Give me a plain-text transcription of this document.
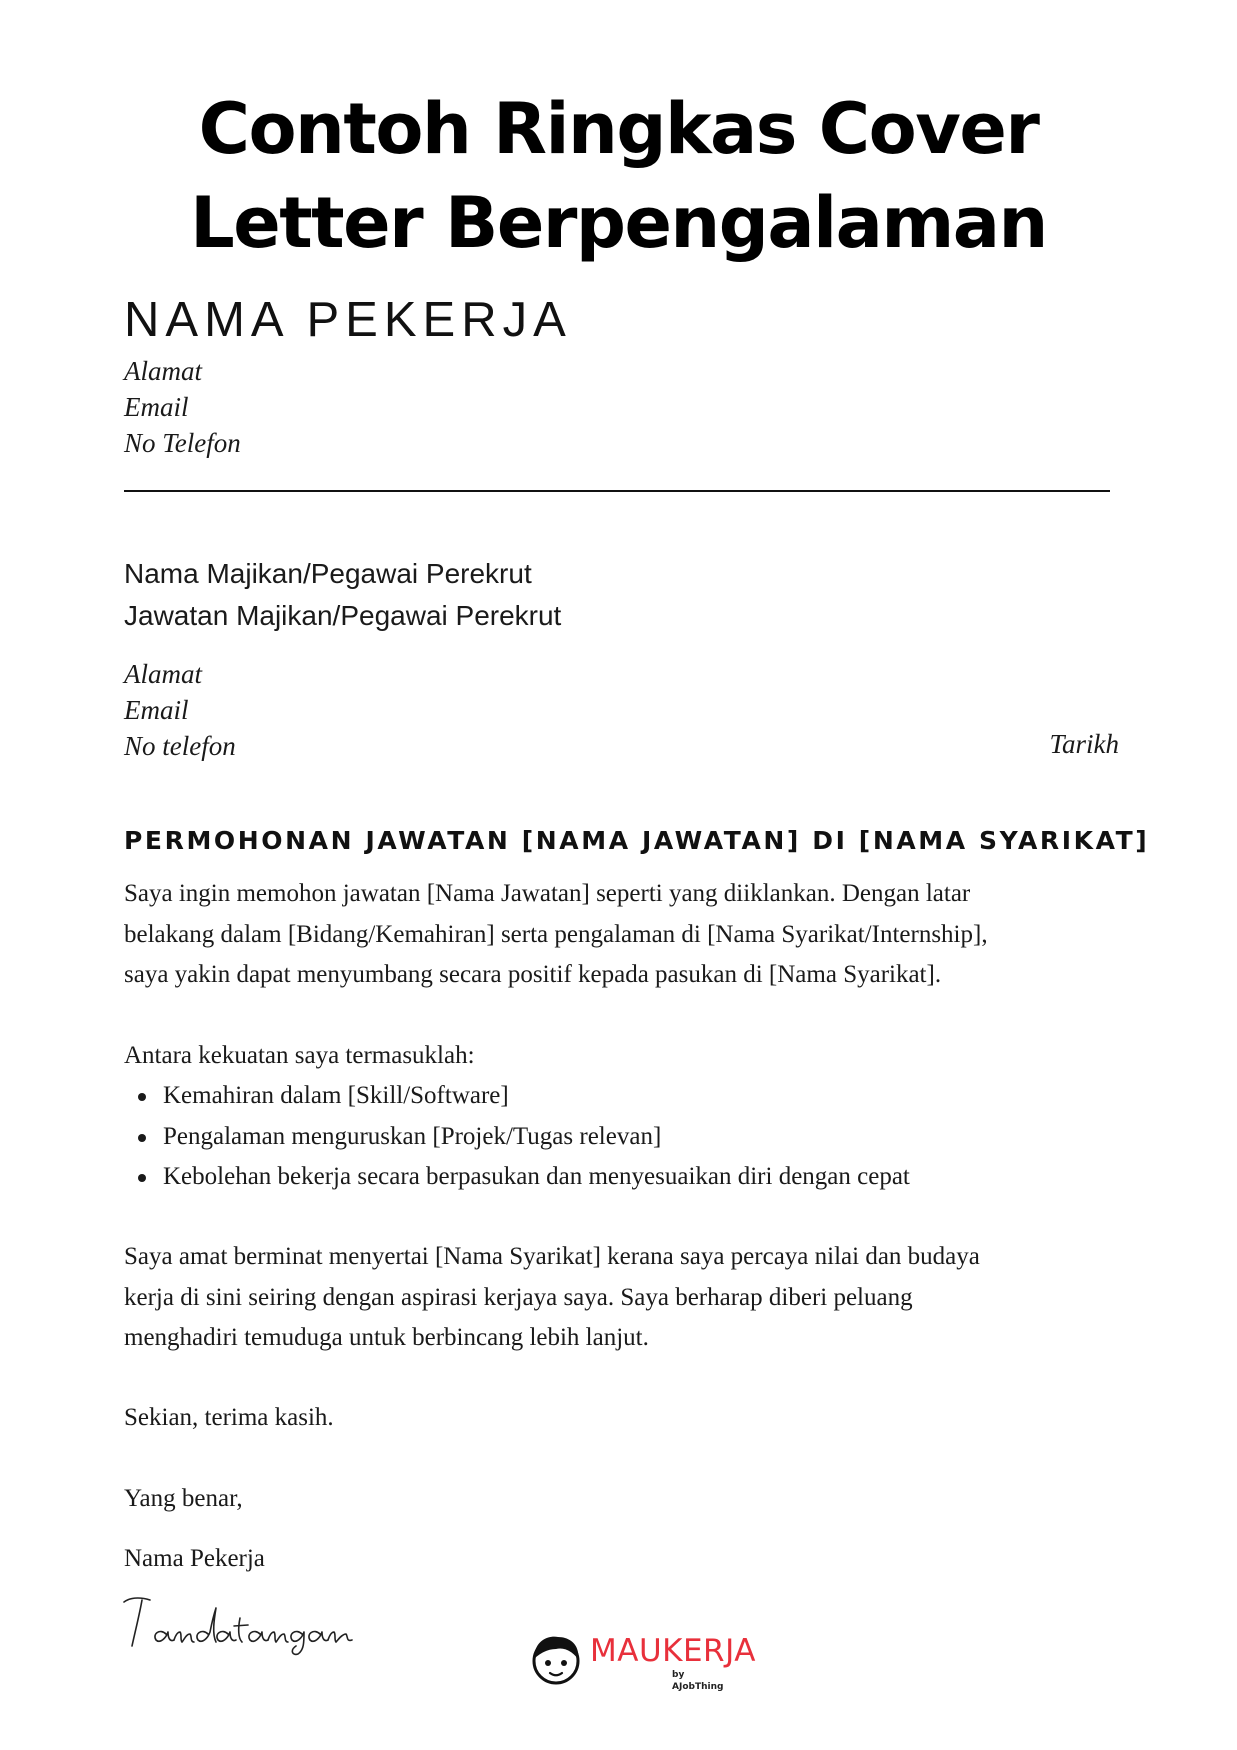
Contoh Ringkas Cover
Letter Berpengalaman
NAMA PEKERJA
Alamat
Email
No Telefon
Nama Majikan/Pegawai Perekrut
Jawatan Majikan/Pegawai Perekrut
Alamat
Email
No telefon	Tarikh
PERMOHONAN JAWATAN [NAMA JAWATAN] DI [NAMA SYARIKAT]
Saya ingin memohon jawatan [Nama Jawatan] seperti yang diiklankan. Dengan latar
belakang dalam [Bidang/Kemahiran] serta pengalaman di [Nama Syarikat/Internship],
saya yakin dapat menyumbang secara positif kepada pasukan di [Nama Syarikat].
Antara kekuatan saya termasuklah:
Kemahiran dalam [Skill/Software]
Pengalaman menguruskan [Projek/Tugas relevan]
Kebolehan bekerja secara berpasukan dan menyesuaikan diri dengan cepat
Saya amat berminat menyertai [Nama Syarikat] kerana saya percaya nilai dan budaya
kerja di sini seiring dengan aspirasi kerjaya saya. Saya berharap diberi peluang
menghadiri temuduga untuk berbincang lebih lanjut.
Sekian, terima kasih.
Yang benar,
Nama Pekerja
MAUKERJA
by AJobThing
